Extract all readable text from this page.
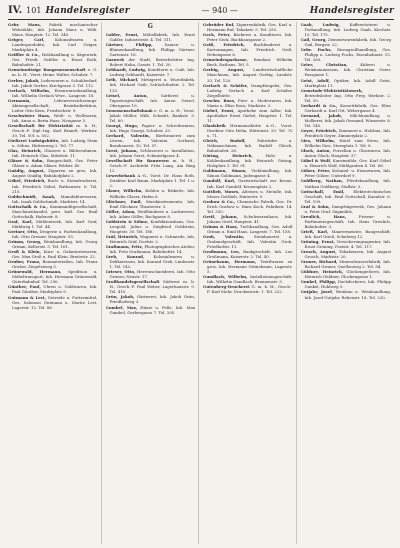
IV. 101 Handelsregister	— 940 —	Handelsregister

Gebr. Maus, Fabrik mechanischer Webstühle, Inh. Johann Maus u. Wilh. Maus, Hauptstr. 12. Tel. 340.

Geiger, Carl, Kolonialwaren u. Landesprodukte, Inh. Carl Geiger, Marktplatz 4.

Geißler & Co., Holzhandlung u. Sägewerk, Ges. Friedr. Geißler u. Ernst Roth, Bahnhofstr. 21.

Gemeinnützige Baugenossenschaft e. G. m. b. H., Vorst. Heinr. Walter, Schulstr. 7.

Gerber, Jakob, Lederwaren u. Schuhbedarf, Inh. Jakob Gerber, Kirchgasse 3. Tel. 112.

Gerlach, Wilhelm, Eisenwarenhandlung, Inh. Wilhelm Gerlach Wwe., Langestr. 18.

Germania, Lebensversicherungs-Aktiengesellschaft, Bezirksdirektion, Leiter Otto Kern, Friedrichstr. 9.

Geschwister Haas, Weiß- u. Wollwaren, Inh. Anna u. Berta Haas, Neugasse 5.

Gesellschaft für Elektrizität m. b. H., Gesch.-F. Dipl.-Ing. Karl Brandt, Werkstr. 30. Tel. 501 u. 502.

Gießerei Ludwigshütte, Inh. Ludwig Stein u. Söhne, Hüttenweg 2. Tel. 77.

Glas, Heinrich, Glaserei u. Bilderrahmen, Inh. Heinrich Glas, Mittelstr. 11.

Gläser & Sohn, Baugeschäft, Ges. Peter Gläser u. Adam Gläser, Feldstr. 40.

Gnädig, August, Zigarren en gros, Inh. August Gnädig, Bahnhofplatz 2.

Göbel, Friedrich, Buch- u. Steindruckerei, Inh. Friedrich Göbel, Rathausstr. 6. Tel. 215.

Goldschmidt, Isaak, Manufakturwaren, Inh. Isaak Goldschmidt, Marktstr. 14.

Gottschalk & Co., Kommanditgesellschaft, Maschinenhandel, pers. haft. Ges. Emil Gottschalk, Hafenstr. 8.

Graf, Karl, Mühlenwerk, Inh. Karl Graf, Mühlweg 1. Tel. 44.

Greiner, Otto, Drogerie u. Farbenhandlung, Inh. Otto Greiner, Hauptstr. 55.

Grimm, Georg, Weinhandlung, Inh. Georg Grimm, Kellerstr. 3. Tel. 161.

Groß & Klein, Kurz- u. Galanteriewaren, Ges. Max Groß u. Paul Klein, Breitestr. 22.

Gruber, Franz, Baumaterialien, Inh. Franz Gruber, Ziegeleiweg 5.

Grünewald, Hermann, Spedition u. Möbeltransport, Inh. Hermann Grünewald, Güterbahnhof. Tel. 290.

Günther, Paul, Uhren u. Goldwaren, Inh. Paul Günther, Marktplatz 9.

Gutmann & Levi, Getreide u. Futtermittel, Ges. Salomon Gutmann u. Moritz Levi, Lagerstr. 12. Tel. 88.

G

Gabler, Ernst, Möbelfabrik, Inh. Ernst Gabler, Industriestr. 4. Tel. 311.

Gärtner, Philipp, Samen- u. Blumenhandlung, Inh. Philipp Gärtner, Gartenstr. 16.

Gaswerk der Stadt, Betriebsleiter Ing. Robert Hahn, Gasstr. 1. Tel. 20.

Gebhardt, Ludwig, Konditorei u. Café, Inh. Ludwig Gebhardt, Kaiserstr. 7.

Geib, Michael, Metzgerei u. Wurstfabrik, Inh. Michael Geib, Schlachthofstr. 2. Tel. 133.

Geisel, Anton, Sattlerei u. Tapeziergeschäft, Inh. Anton Geisel, Obergasse 19.

Genossenschaftsbank e. G. m. u. H., Vorst. Jakob Müller, Wilh. Schmitt, Bankstr. 3. Tel. 60.

Georgi, Hugo, Papier- u. Schreibwaren, Inh. Hugo Georgi, Schulstr. 25.

Gerhard, Valentin, Bierbrauerei zum Löwen, Inh. Valentin Gerhard, Brauhausstr. 10. Tel. 97.

Gerst, Johann, Schlosserei u. Installation, Inh. Johann Gerst, Schmiedgasse 4.

Gesellschaft für Bauwesen m. b. H., Gesch.-F. Architekt Fritz Lang, Am Ring 12.

Gewerbebank A.-G., Vorst. Dr. Hans Roth, Direktor Karl Baum, Marktplatz 1. Tel. 1 u. 2.

Glaser, Wilhelm, Kohlen u. Briketts, Inh. Wilhelm Glaser, Hafen 6.

Glöckner, Emil, Musikinstrumente, Inh. Emil Glöckner, Theaterstr. 3.

Göller, Adam, Weißbinderei u. Lackiererei, Inh. Adam Göller, Bachgasse 8.

Goldstein & Söhne, Konfektionshaus, Ges. Leopold, Julius u. Siegfried Goldstein, Hauptstr. 30. Tel. 180.

Gräf, Heinrich, Wagnerei u. Schmiede, Inh. Heinrich Gräf, Dorfstr. 2.

Graßmann, Fritz, Photographisches Atelier, Inh. Fritz Graßmann, Bahnhofstr. 14.

Greb, Konrad, Kolonialwaren u. Delikatessen, Inh. Konrad Greb, Lindenstr. 1. Tel. 142.

Grieser, Otto, Herrenschneiderei, Inh. Otto Grieser, Neustr. 17.

Großhandelsgesellschaft Südwest m. b. H., Gesch.-F. Paul Weber, Lagerhausstr. 9. Tel. 410.

Grün, Jakob, Gärtnerei, Inh. Jakob Grün, Friedhofweg 3.

Gumbel, Max, Häute u. Felle, Inh. Max Gumbel, Gerbergasse 7. Tel. 205.

Gebrüder Ruf, Zigarrenfabrik, Ges. Karl u. Hermann Ruf, Tabakstr. 5. Tel. 250.

Geck, Peter, Bäckerei u. Konditorei, Inh. Peter Geck, Backhausgasse 2.

Geiß, Friedrich, Buchbinderei u. Kartonnagen, Inh. Friedrich Geiß, Nebengasse 6.

Gemeindesparkasse, Rendant Wilhelm Beck, Rathaus. Tel. 5.

Gerbig, August, Landwirtschaftliche Maschinen, Inh. August Gerbig, Landstr. 33. Tel. 120.

Gerlach & Schäfer, Dampfziegelei, Ges. Ludwig Gerlach u. Karl Schäfer, Ziegelhütte.

Geschw. Roos, Putz- u. Modewaren, Inh. Maria u. Elise Roos, Marktstr. 3.

Giebel, Ernst, Apotheke zum Adler, Inh. Apotheker Ernst Giebel, Hauptstr. 1. Tel. 11.

Glasfabrik Hermannshütte A.-G., Vorst. Direktor Otto Helm, Hüttenstr. 20. Tel. 70 u. 71.

Gleich, Rudolf, Fahrräder u. Nähmaschinen, Inh. Rudolf Gleich, Bahnhofstr. 28.

Göring, Heinrich, Holz- u. Kohlenhandlung, Inh. Heinrich Göring, Holzplatz 1. Tel. 91.

Goldmann, Simon, Viehhandlung, Inh. Simon Goldmann, Judengasse 4.

Gondolf, Karl, Gastwirtschaft zur Krone, Inh. Karl Gondolf, Kronenplatz 2.

Gottlieb, Moses, Alteisen u. Metalle, Inh. Moses Gottlieb, Hinterstr. 9.

Grabow & Co., Chemische Fabrik, Ges. Dr. Erich Grabow u. Hans Koch, Fabrikstr. 14. Tel. 330.

Greif, Johann, Schuhwarenhaus, Inh. Johann Greif, Hauptstr. 41.

Grimm & Haas, Tuchhandlung, Ges. Adolf Grimm u. Emil Haas, Langestr. 7. Tel. 158.

Groh, Valentin, Steinhauerei u. Grabmalgeschäft, Inh. Valentin Groh, Friedhofstr. 11.

Großmann, Leo, Bankgeschäft, Inh. Leo Großmann, Kaiserstr. 2. Tel. 40.

Grünebaum, Hermann, Textilwaren en gros, Inh. Hermann Grünebaum, Lagerstr. 5.

Gundlach, Wilhelm, Installationsgeschäft, Inh. Wilhelm Gundlach, Brunnenstr. 3.

Gutenberg-Druckerei G. m. b. H., Gesch.-F. Karl Mohr, Druckereistr. 1. Tel. 222.

Gaab, Ludwig, Kaffeerösterei u. Teehandlung, Inh. Ludwig Gaab, Kirchstr. 10. Tel. 175.

Gail, Georg, Zementwarenfabrik, Inh. Georg Gail, Bergstr. 22.

Gebr. Fuchs, Eisengroßhandlung, Ges. Philipp u. Ludwig Fuchs, Eisenbahnstr. 15. Tel. 260.

Geier, Christian, Küferei u. Weinkommission, Inh. Christian Geier, Fassgasse 1.

Geist, Adolf, Optiker, Inh. Adolf Geist, Marktplatz 11.

Gemeinde-Elektrizitätswerk, Betriebsleiter Ing. Otto Frey, Werkstr. 2. Tel. 30.

Gerhardt & Co., Korsettfabrik, Ges. Elise Gerhardt u. Karl Ott, Webergasse 4.

Gernand, Jakob, Milchhandlung u. Molkerei, Inh. Jakob Gernand, Wiesenstr. 8. Tel. 145.

Geyer, Friedrich, Zimmerei u. Holzbau, Inh. Friedrich Geyer, Zimmerplatz 2.

Gies, Wilhelm, Hotel zum Stern, Inh. Wilhelm Gies, Sternplatz 1. Tel. 8.

Glock, Anton, Porzellan u. Glaswaren, Inh. Anton Glock, Hauptstr. 37.

Göbel & Wolf, Kunstmühle, Ges. Karl Göbel u. Heinrich Wolf, Mühlgraben 4. Tel. 66.

Gölzer, Peter, Kolonial- u. Eisenwaren, Inh. Peter Gölzer, Unterdorf 9.

Goldberg, Nathan, Pferdehandlung, Inh. Nathan Goldberg, Stallstr. 3.

Gottschall, Emil, Elektrotechnisches Geschäft, Inh. Emil Gottschall, Kanalstr. 6. Tel. 199.

Graf & Sohn, Dampfsägewerk, Ges. Johann u. Peter Graf, Sägmühle.

Greulich, Hans, Friseur- u. Parfümeriegeschäft, Inh. Hans Greulich, Bahnhofstr. 3.

Grieß, Karl, Maurermeister, Baugeschäft, Inh. Karl Grieß, Schulweg 12.

Gröning, Ernst, Versicherungsagentur, Inh. Ernst Gröning, Poststr. 4. Tel. 117.

Grosch, August, Tabakwaren, Inh. August Grosch, Marktstr. 20.

Gruner, Richard, Mineralwasserfabrik, Inh. Richard Gruner, Quellenweg 2. Tel. 84.

Güldner, Heinrich, Glockengießerei, Inh. Heinrich Güldner, Glockengasse 1.

Gunkel, Philipp, Dachdeckerei, Inh. Philipp Gunkel, Hohlweg 5.

Gutjahr, Josef, Weinbau u. Weinhandlung, Inh. Josef Gutjahr, Rebenstr. 18. Tel. 230.
